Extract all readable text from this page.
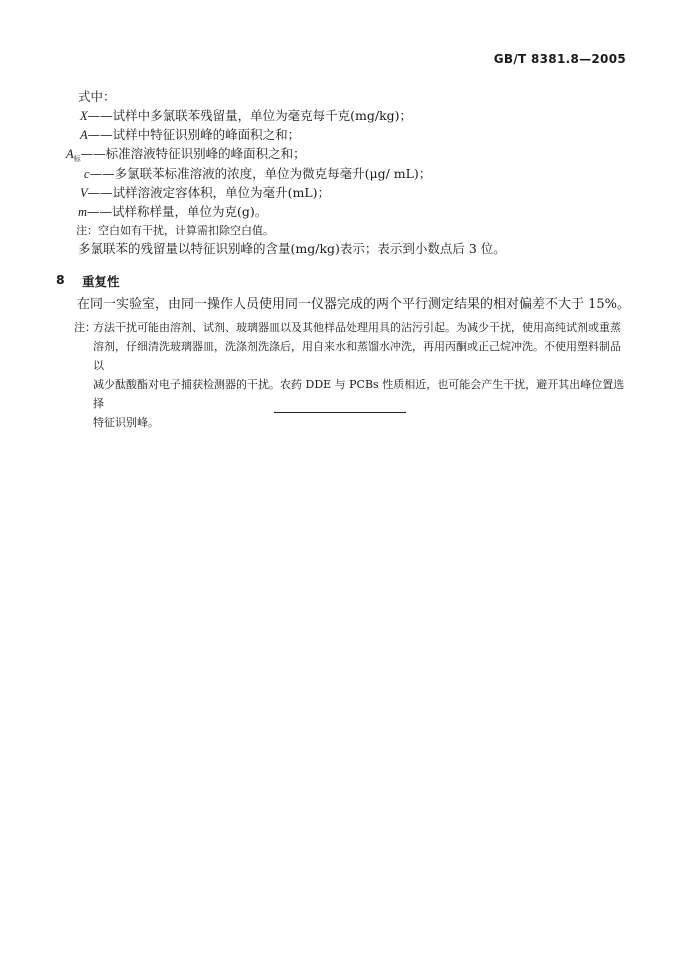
GB/T 8381.8—2005
式中：
X——试样中多氯联苯残留量，单位为毫克每千克(mg/kg)；
A——试样中特征识别峰的峰面积之和；
$A_标——$标准溶液特征识别峰的峰面积之和；
c——多氯联苯标准溶液的浓度，单位为微克每毫升(μg/ mL)；
V——试样溶液定容体积，单位为毫升(mL)；
m——试样称样量，单位为克(g)。
注：空白如有干扰，计算需扣除空白值。
多氯联苯的残留量以特征识别峰的含量(mg/kg)表示；表示到小数点后 3 位。
8 重复性
在同一实验室，由同一操作人员使用同一仪器完成的两个平行测定结果的相对偏差不大于 15%。
注：
方法干扰可能由溶剂、试剂、玻璃器皿以及其他样品处理用具的沾污引起。为减少干扰，使用高纯试剂或重蒸
溶剂，仔细清洗玻璃器皿，洗涤剂洗涤后，用自来水和蒸馏水冲洗，再用丙酮或正己烷冲洗。不使用塑料制品以
减少酞酸酯对电子捕获检测器的干扰。农药 DDE 与 PCBs 性质相近，也可能会产生干扰，避开其出峰位置选择
特征识别峰。
